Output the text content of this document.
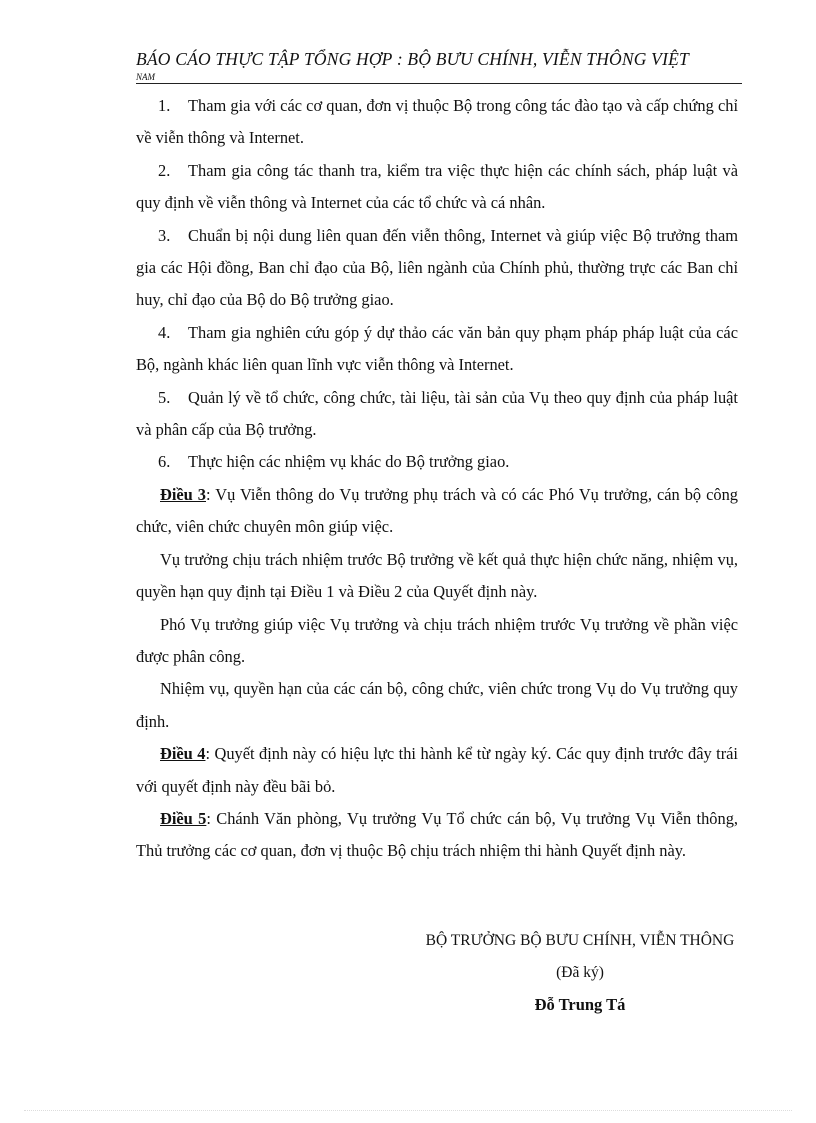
BÁO CÁO THỰC TẬP TỔNG HỢP : BỘ BƯU CHÍNH, VIỄN THÔNG VIỆT
NAM

1. Tham gia với các cơ quan, đơn vị thuộc Bộ trong công tác đào tạo và cấp chứng chỉ về viễn thông và Internet.

2. Tham gia công tác thanh tra, kiểm tra việc thực hiện các chính sách, pháp luật và quy định về viễn thông và Internet của các tổ chức và cá nhân.

3. Chuẩn bị nội dung liên quan đến viễn thông, Internet và giúp việc Bộ trưởng tham gia các Hội đồng, Ban chỉ đạo của Bộ, liên ngành của Chính phủ, thường trực các Ban chỉ huy, chỉ đạo của Bộ do Bộ trưởng giao.

4. Tham gia nghiên cứu góp ý dự thảo các văn bản quy phạm pháp pháp luật của các Bộ, ngành khác liên quan lĩnh vực viễn thông và Internet.

5. Quản lý về tổ chức, công chức, tài liệu, tài sản của Vụ theo quy định của pháp luật và phân cấp của Bộ trưởng.

6. Thực hiện các nhiệm vụ khác do Bộ trưởng giao.

Điều 3: Vụ Viễn thông do Vụ trưởng phụ trách và có các Phó Vụ trưởng, cán bộ công chức, viên chức chuyên môn giúp việc.

Vụ trưởng chịu trách nhiệm trước Bộ trưởng về kết quả thực hiện chức năng, nhiệm vụ, quyền hạn quy định tại Điều 1 và Điều 2 của Quyết định này.

Phó Vụ trưởng giúp việc Vụ trưởng và chịu trách nhiệm trước Vụ trưởng về phần việc được phân công.

Nhiệm vụ, quyền hạn của các cán bộ, công chức, viên chức trong Vụ do Vụ trưởng quy định.

Điều 4: Quyết định này có hiệu lực thi hành kể từ ngày ký. Các quy định trước đây trái với quyết định này đều bãi bỏ.

Điều 5: Chánh Văn phòng, Vụ trưởng Vụ Tổ chức cán bộ, Vụ trưởng Vụ Viễn thông, Thủ trưởng các cơ quan, đơn vị thuộc Bộ chịu trách nhiệm thi hành Quyết định này.

BỘ TRƯỞNG BỘ BƯU CHÍNH, VIỄN THÔNG
(Đã ký)
Đỗ Trung Tá
